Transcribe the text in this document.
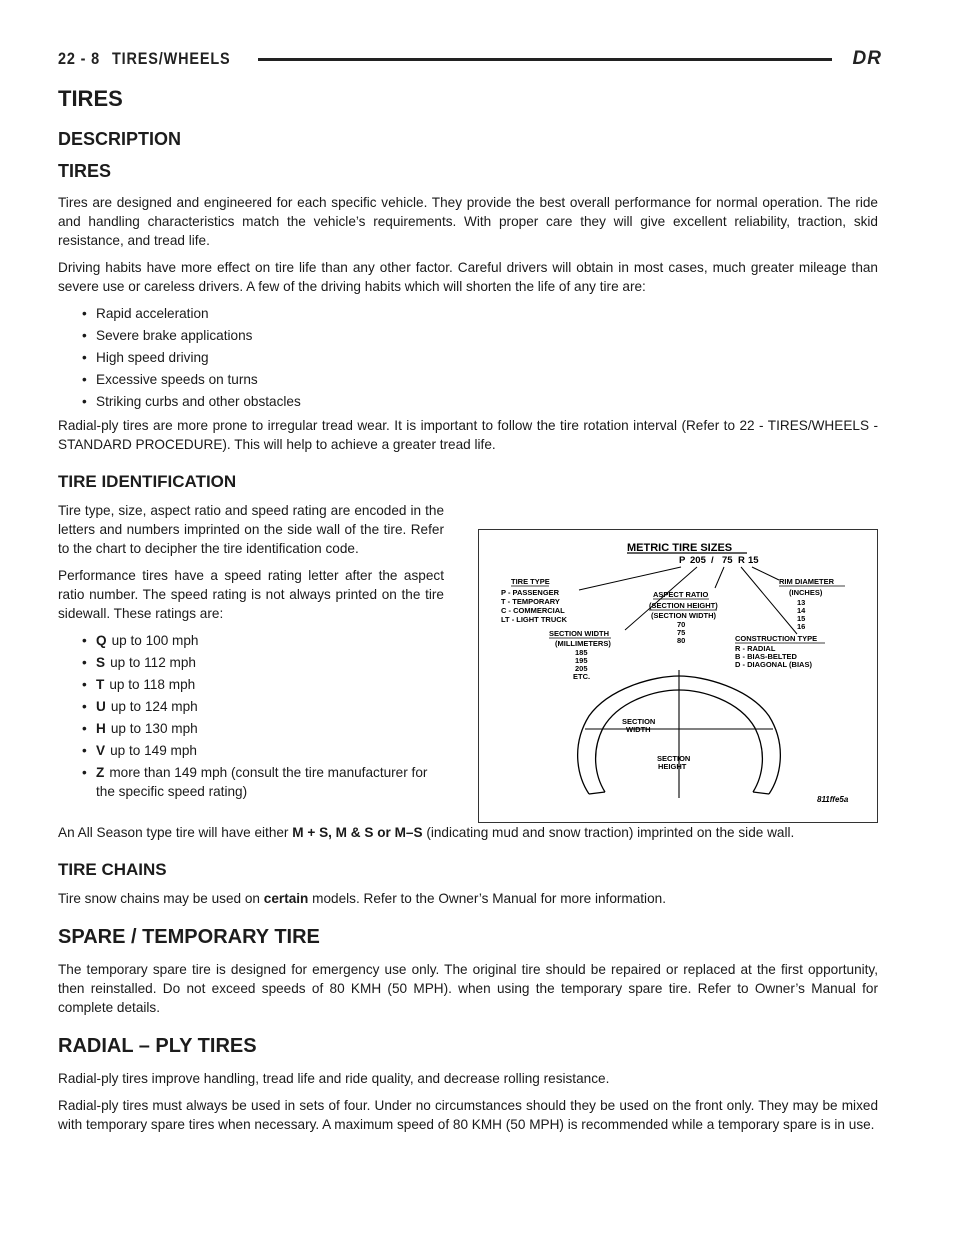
22 - 8 TIRES/WHEELS	DR
TIRES
DESCRIPTION
TIRES

Tires are designed and engineered for each specific vehicle. They provide the best overall performance for normal operation. The ride and handling characteristics match the vehicle’s requirements. With proper care they will give excellent reliability, traction, skid resistance, and tread life.

Driving habits have more effect on tire life than any other factor. Careful drivers will obtain in most cases, much greater mileage than severe use or careless drivers. A few of the driving habits which will shorten the life of any tire are:

• Rapid acceleration
• Severe brake applications
• High speed driving
• Excessive speeds on turns
• Striking curbs and other obstacles

Radial-ply tires are more prone to irregular tread wear. It is important to follow the tire rotation interval (Refer to 22 - TIRES/WHEELS - STANDARD PROCEDURE). This will help to achieve a greater tread life.

TIRE IDENTIFICATION

Tire type, size, aspect ratio and speed rating are encoded in the letters and numbers imprinted on the side wall of the tire. Refer to the chart to decipher the tire identification code.

Performance tires have a speed rating letter after the aspect ratio number. The speed rating is not always printed on the tire sidewall. These ratings are:

• Q up to 100 mph
• S up to 112 mph
• T up to 118 mph
• U up to 124 mph
• H up to 130 mph
• V up to 149 mph
• Z more than 149 mph (consult the tire manufacturer for the specific speed rating)
METRIC TIRE SIZES
P 205 / 75 R 15
TIRE TYPE
P - PASSENGER
T - TEMPORARY
C - COMMERCIAL
LT - LIGHT TRUCK
ASPECT RATIO
(SECTION HEIGHT)
(SECTION WIDTH)
70
75
80
RIM DIAMETER
(INCHES)
13
14
15
16
SECTION WIDTH
(MILLIMETERS)
185
195
205
ETC.
CONSTRUCTION TYPE
R - RADIAL
B - BIAS-BELTED
D - DIAGONAL (BIAS)
SECTION
WIDTH
SECTION
HEIGHT
811ffe5a

An All Season type tire will have either M + S, M & S or M–S (indicating mud and snow traction) imprinted on the side wall.

TIRE CHAINS

Tire snow chains may be used on certain models. Refer to the Owner’s Manual for more information.

SPARE / TEMPORARY TIRE

The temporary spare tire is designed for emergency use only. The original tire should be repaired or replaced at the first opportunity, then reinstalled. Do not exceed speeds of 80 KMH (50 MPH). when using the temporary spare tire. Refer to Owner’s Manual for complete details.

RADIAL – PLY TIRES

Radial-ply tires improve handling, tread life and ride quality, and decrease rolling resistance.

Radial-ply tires must always be used in sets of four. Under no circumstances should they be used on the front only. They may be mixed with temporary spare tires when necessary. A maximum speed of 80 KMH (50 MPH) is recommended while a temporary spare is in use.
